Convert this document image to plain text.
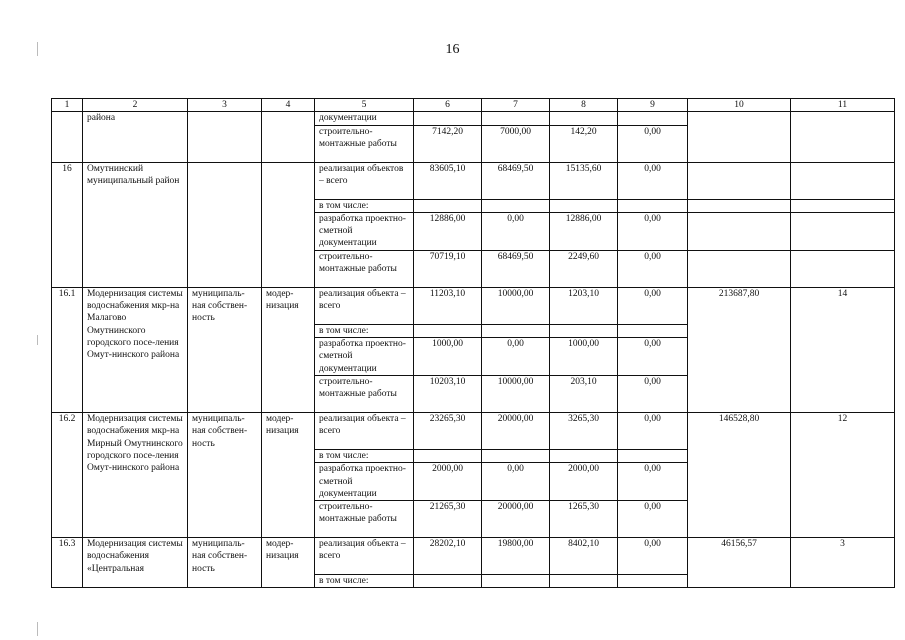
16
1	2	3	4	5	6	7	8	9	10	11
	района			документации						
				строительно-монтажные работы	7142,20	7000,00	142,20	0,00		
16	Омутнинский муниципальный район			реализация объектов – всего	83605,10	68469,50	15135,60	0,00		
				в том числе:						
				разработка проектно-сметной документации	12886,00	0,00	12886,00	0,00		
				строительно-монтажные работы	70719,10	68469,50	2249,60	0,00		
16.1	Модернизация системы водоснабжения мкр-на Малагово Омутнинского городского посе-ления Омут-нинского района	муниципаль-ная собствен-ность	модер-низация	реализация объекта – всего	11203,10	10000,00	1203,10	0,00	213687,80	14
				в том числе:						
				разработка проектно-сметной документации	1000,00	0,00	1000,00	0,00		
				строительно-монтажные работы	10203,10	10000,00	203,10	0,00		
16.2	Модернизация системы водоснабжения мкр-на Мирный Омутнинского городского посе-ления Омут-нинского района	муниципаль-ная собствен-ность	модер-низация	реализация объекта – всего	23265,30	20000,00	3265,30	0,00	146528,80	12
				в том числе:						
				разработка проектно-сметной документации	2000,00	0,00	2000,00	0,00		
				строительно-монтажные работы	21265,30	20000,00	1265,30	0,00		
16.3	Модернизация системы водоснабжения «Центральная	муниципаль-ная собствен-ность	модер-низация	реализация объекта – всего	28202,10	19800,00	8402,10	0,00	46156,57	3
				в том числе:						
